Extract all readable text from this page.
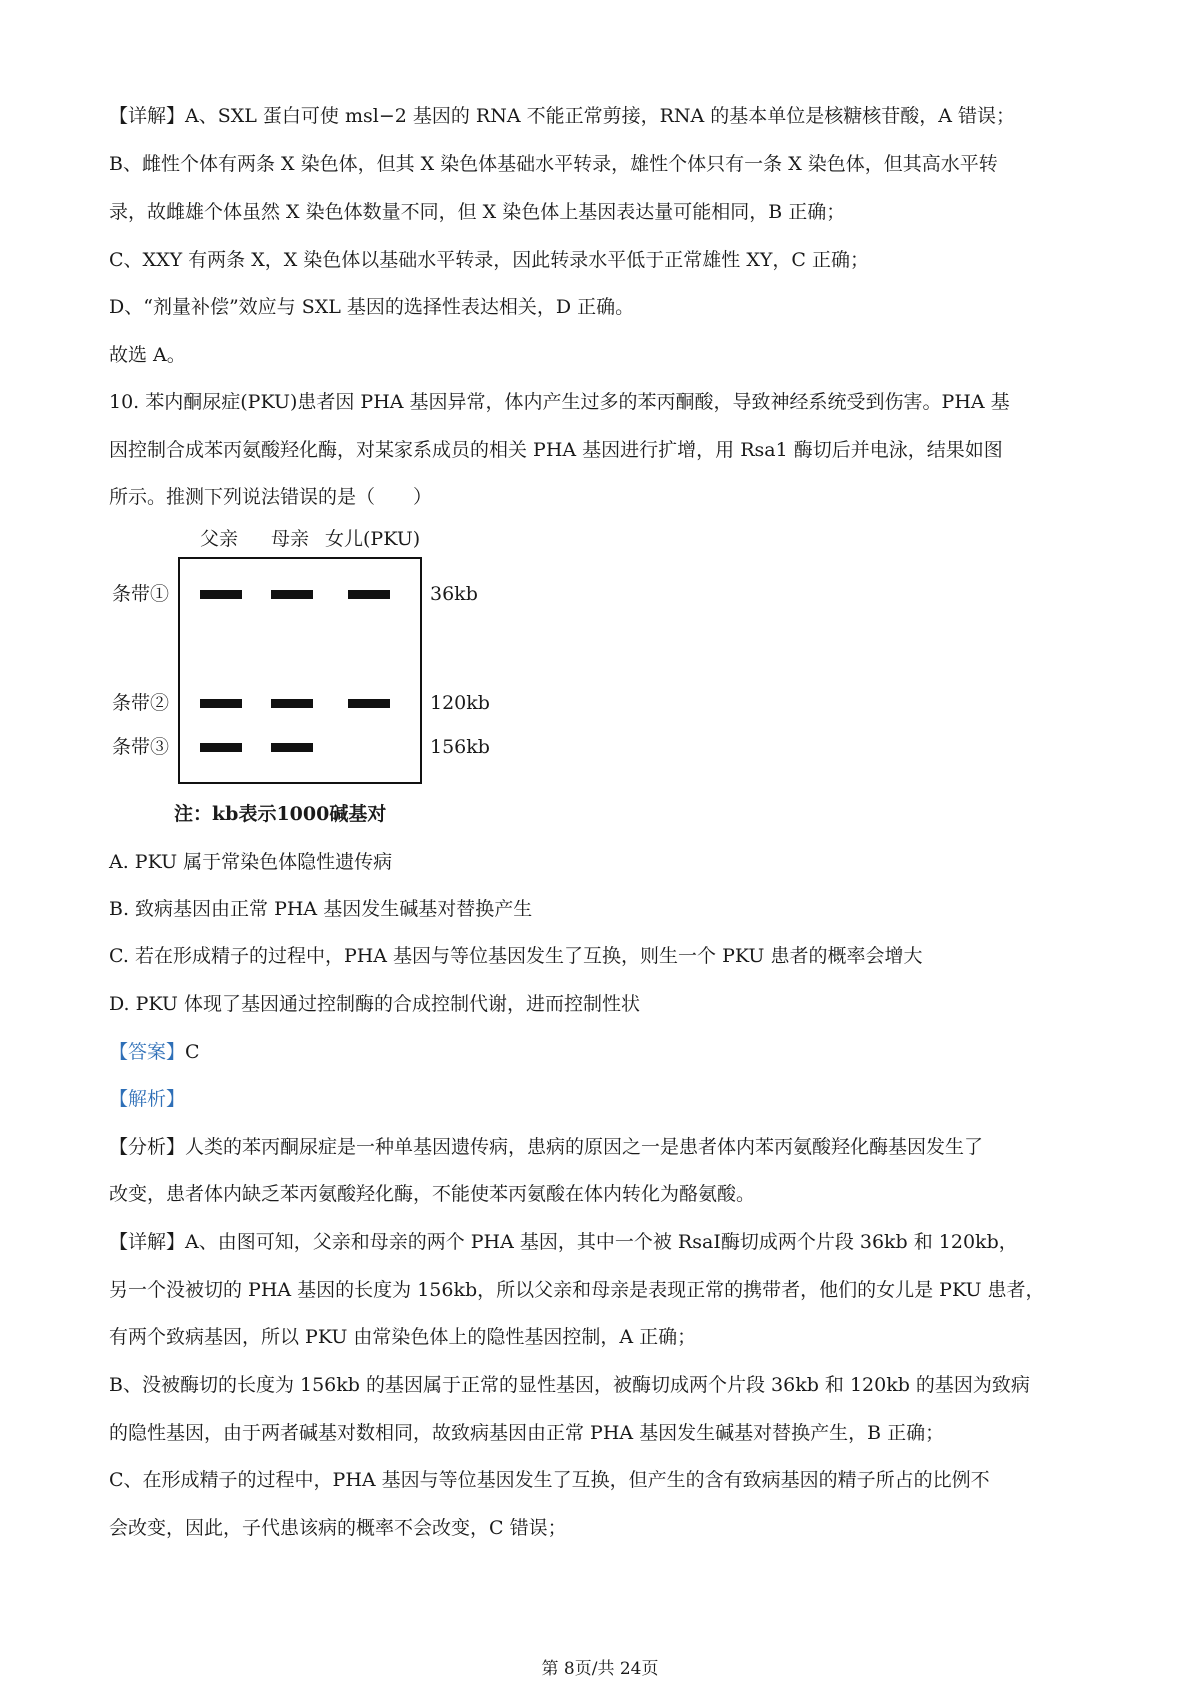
【详解】A、SXL 蛋白可使 msl−2 基因的 RNA 不能正常剪接，RNA 的基本单位是核糖核苷酸，A 错误；

B、雌性个体有两条 X 染色体，但其 X 染色体基础水平转录，雄性个体只有一条 X 染色体，但其高水平转

录，故雌雄个体虽然 X 染色体数量不同，但 X 染色体上基因表达量可能相同，B 正确；

C、XXY 有两条 X，X 染色体以基础水平转录，因此转录水平低于正常雄性 XY，C 正确；

D、“剂量补偿”效应与 SXL 基因的选择性表达相关，D 正确。

故选 A。

10. 苯内酮尿症(PKU)患者因 PHA 基因异常，体内产生过多的苯丙酮酸，导致神经系统受到伤害。PHA 基

因控制合成苯丙氨酸羟化酶，对某家系成员的相关 PHA 基因进行扩增，用 Rsa1 酶切后并电泳，结果如图

所示。推测下列说法错误的是（　　）

父亲 母亲 女儿(PKU)
条带①	36kb
条带②	120kb
条带③	156kb
注：kb表示1000碱基对

A. PKU 属于常染色体隐性遗传病

B. 致病基因由正常 PHA 基因发生碱基对替换产生

C. 若在形成精子的过程中，PHA 基因与等位基因发生了互换，则生一个 PKU 患者的概率会增大

D. PKU 体现了基因通过控制酶的合成控制代谢，进而控制性状

【答案】C

【解析】

【分析】人类的苯丙酮尿症是一种单基因遗传病，患病的原因之一是患者体内苯丙氨酸羟化酶基因发生了

改变，患者体内缺乏苯丙氨酸羟化酶，不能使苯丙氨酸在体内转化为酪氨酸。

【详解】A、由图可知，父亲和母亲的两个 PHA 基因，其中一个被 RsaⅠ酶切成两个片段 36kb 和 120kb，

另一个没被切的 PHA 基因的长度为 156kb，所以父亲和母亲是表现正常的携带者，他们的女儿是 PKU 患者，

有两个致病基因，所以 PKU 由常染色体上的隐性基因控制，A 正确；

B、没被酶切的长度为 156kb 的基因属于正常的显性基因，被酶切成两个片段 36kb 和 120kb 的基因为致病

的隐性基因，由于两者碱基对数相同，故致病基因由正常 PHA 基因发生碱基对替换产生，B 正确；

C、在形成精子的过程中，PHA 基因与等位基因发生了互换，但产生的含有致病基因的精子所占的比例不

会改变，因此，子代患该病的概率不会改变，C 错误；

第 8页/共 24页
